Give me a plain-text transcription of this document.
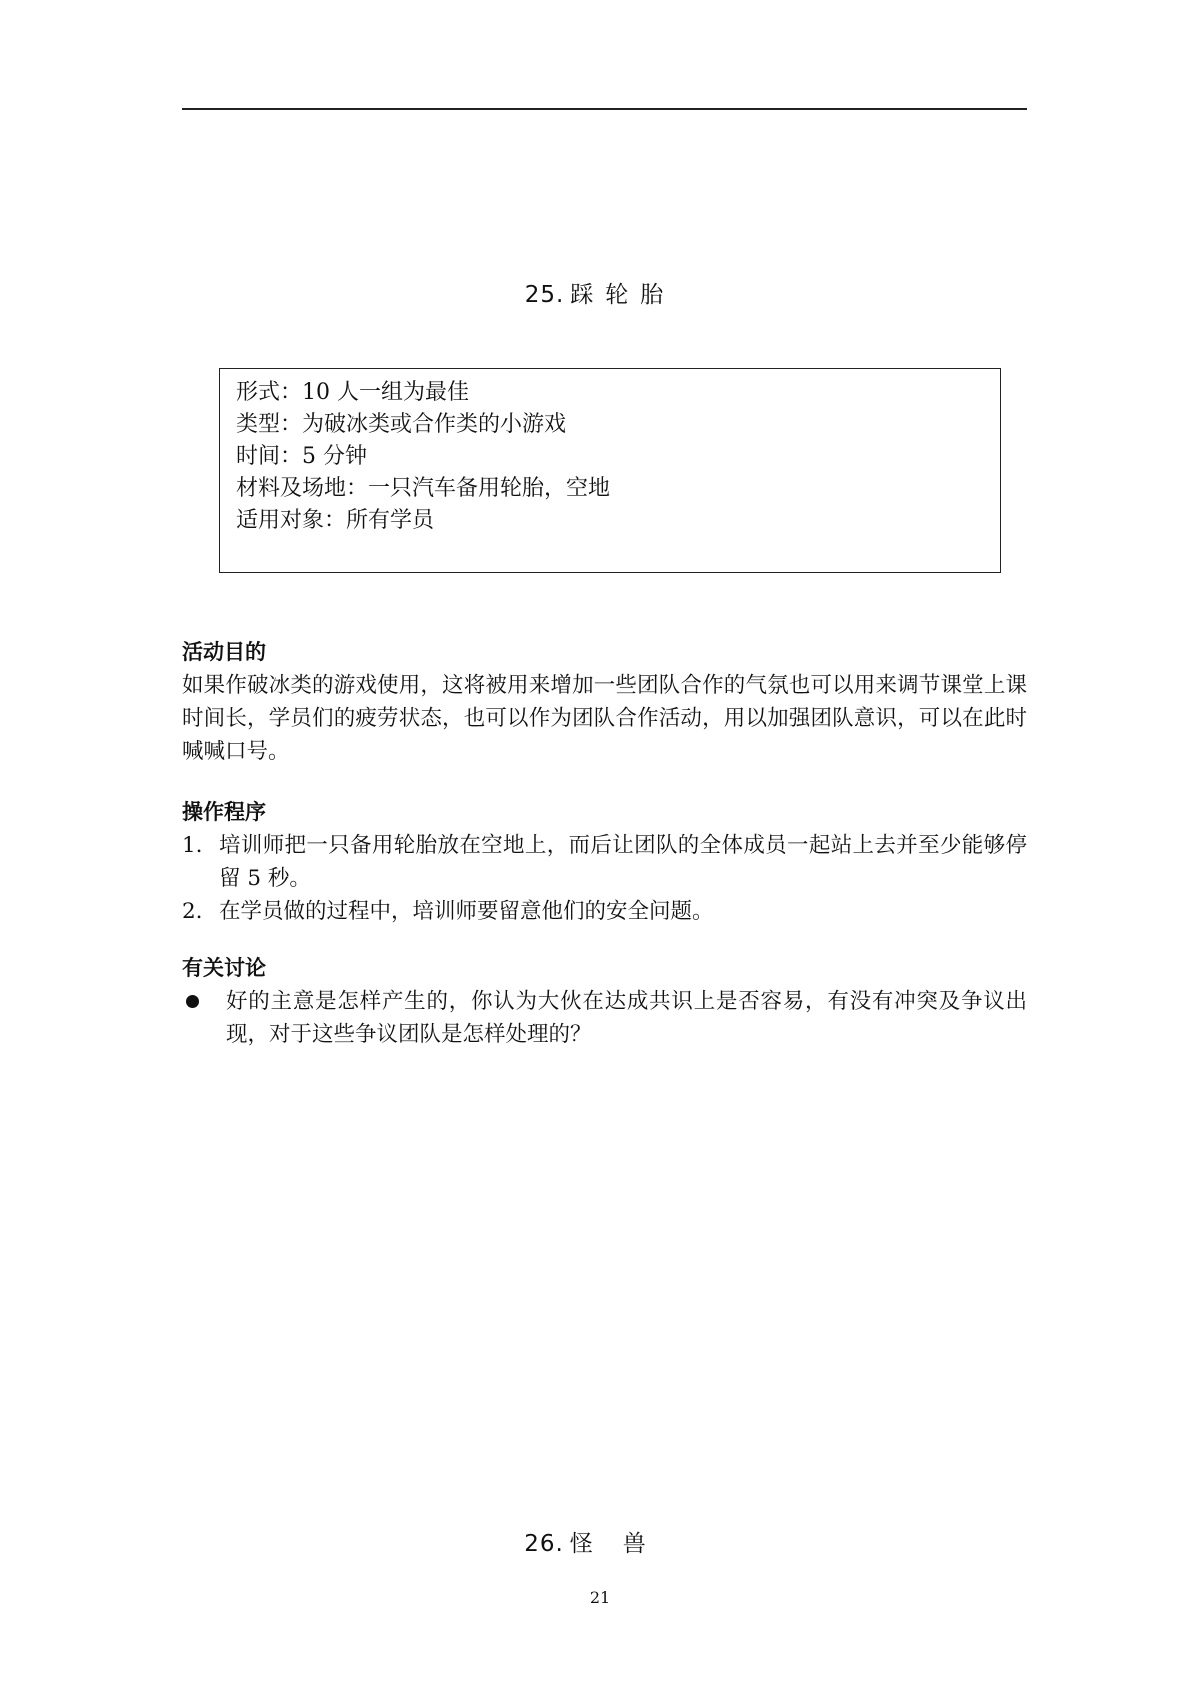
25. 踩轮胎
形式：10 人一组为最佳
类型：为破冰类或合作类的小游戏
时间：5 分钟
材料及场地：一只汽车备用轮胎，空地
适用对象：所有学员
活动目的
如果作破冰类的游戏使用，这将被用来增加一些团队合作的气氛也可以用来调节课堂上课时间长，学员们的疲劳状态，也可以作为团队合作活动，用以加强团队意识，可以在此时喊喊口号。
操作程序
1. 培训师把一只备用轮胎放在空地上，而后让团队的全体成员一起站上去并至少能够停留 5 秒。
2. 在学员做的过程中，培训师要留意他们的安全问题。
有关讨论
好的主意是怎样产生的，你认为大伙在达成共识上是否容易，有没有冲突及争议出现，对于这些争议团队是怎样处理的？
26. 怪兽
21
